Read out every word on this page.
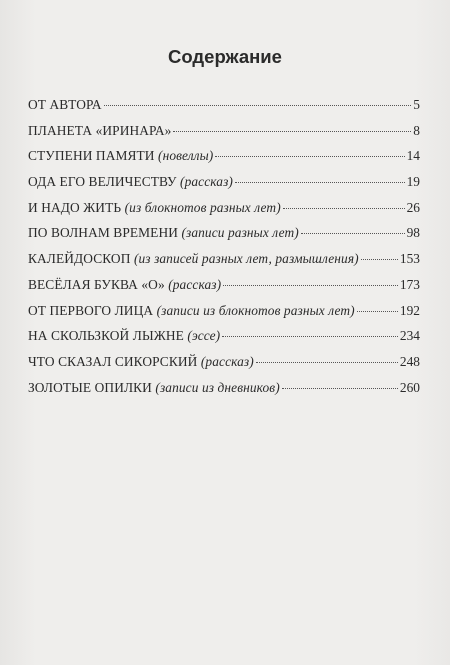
Содержание
ОТ АВТОРА	5
ПЛАНЕТА «ИРИНАРА»	8
СТУПЕНИ ПАМЯТИ (новеллы)	14
ОДА ЕГО ВЕЛИЧЕСТВУ (рассказ)	19
И НАДО ЖИТЬ (из блокнотов разных лет)	26
ПО ВОЛНАМ ВРЕМЕНИ (записи разных лет)	98
КАЛЕЙДОСКОП (из записей разных лет, размышления)	153
ВЕСЁЛАЯ БУКВА «О» (рассказ)	173
ОТ ПЕРВОГО ЛИЦА (записи из блокнотов разных лет)	192
НА СКОЛЬЗКОЙ ЛЫЖНЕ (эссе)	234
ЧТО СКАЗАЛ СИКОРСКИЙ (рассказ)	248
ЗОЛОТЫЕ ОПИЛКИ (записи из дневников)	260
